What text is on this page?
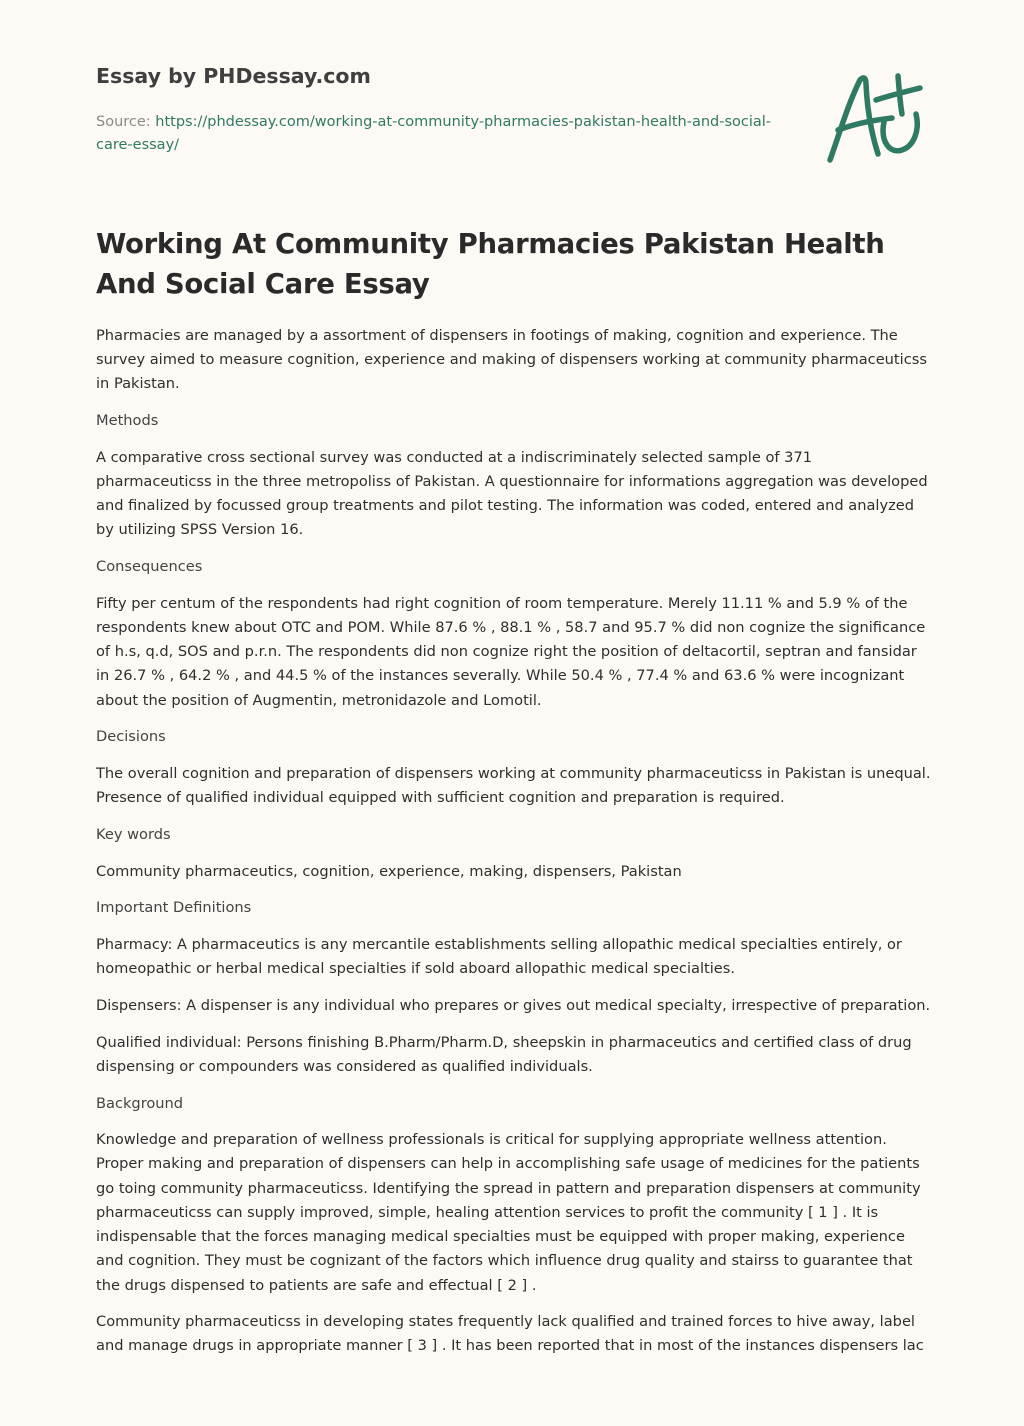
Essay by PHDessay.com

Source: https://phdessay.com/working-at-community-pharmacies-pakistan-health-and-social-care-essay/

Working At Community Pharmacies Pakistan Health And Social Care Essay

Pharmacies are managed by a assortment of dispensers in footings of making, cognition and experience. The survey aimed to measure cognition, experience and making of dispensers working at community pharmaceuticss in Pakistan.

Methods

A comparative cross sectional survey was conducted at a indiscriminately selected sample of 371 pharmaceuticss in the three metropoliss of Pakistan. A questionnaire for informations aggregation was developed and finalized by focussed group treatments and pilot testing. The information was coded, entered and analyzed by utilizing SPSS Version 16.

Consequences

Fifty per centum of the respondents had right cognition of room temperature. Merely 11.11 % and 5.9 % of the respondents knew about OTC and POM. While 87.6 % , 88.1 % , 58.7 and 95.7 % did non cognize the significance of h.s, q.d, SOS and p.r.n. The respondents did non cognize right the position of deltacortil, septran and fansidar in 26.7 % , 64.2 % , and 44.5 % of the instances severally. While 50.4 % , 77.4 % and 63.6 % were incognizant about the position of Augmentin, metronidazole and Lomotil.

Decisions

The overall cognition and preparation of dispensers working at community pharmaceuticss in Pakistan is unequal. Presence of qualified individual equipped with sufficient cognition and preparation is required.

Key words

Community pharmaceutics, cognition, experience, making, dispensers, Pakistan

Important Definitions

Pharmacy: A pharmaceutics is any mercantile establishments selling allopathic medical specialties entirely, or homeopathic or herbal medical specialties if sold aboard allopathic medical specialties.

Dispensers: A dispenser is any individual who prepares or gives out medical specialty, irrespective of preparation.

Qualified individual: Persons finishing B.Pharm/Pharm.D, sheepskin in pharmaceutics and certified class of drug dispensing or compounders was considered as qualified individuals.

Background

Knowledge and preparation of wellness professionals is critical for supplying appropriate wellness attention. Proper making and preparation of dispensers can help in accomplishing safe usage of medicines for the patients go toing community pharmaceuticss. Identifying the spread in pattern and preparation dispensers at community pharmaceuticss can supply improved, simple, healing attention services to profit the community [ 1 ] . It is indispensable that the forces managing medical specialties must be equipped with proper making, experience and cognition. They must be cognizant of the factors which influence drug quality and stairss to guarantee that the drugs dispensed to patients are safe and effectual [ 2 ] .

Community pharmaceuticss in developing states frequently lack qualified and trained forces to hive away, label and manage drugs in appropriate manner [ 3 ] . It has been reported that in most of the instances dispensers lac
